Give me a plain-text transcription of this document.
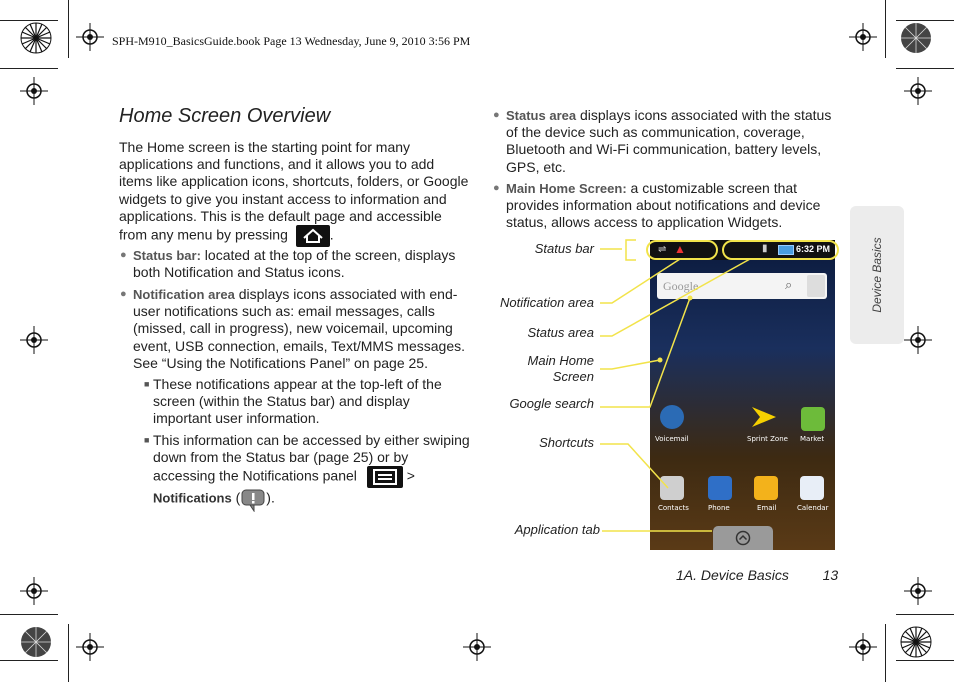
SPH-M910_BasicsGuide.book Page 13 Wednesday, June 9, 2010 3:56 PM
Home Screen Overview
The Home screen is the starting point for many applications and functions, and it allows you to add items like application icons, shortcuts, folders, or Google widgets to give you instant access to information and applications. This is the default page and accessible from any menu by pressing	.
● Status bar: located at the top of the screen, displays both Notification and Status icons.
● Notification area displays icons associated with end-user notifications such as: email messages, calls (missed, call in progress), new voicemail, upcoming event, USB connection, emails, Text/MMS messages. See “Using the Notifications Panel” on page 25.
■ These notifications appear at the top-left of the screen (within the Status bar) and display important user information.
■ This information can be accessed by either swiping down from the Status bar (page 25) or by accessing the Notifications panel	>
Notifications ( ).
● Status area displays icons associated with the status of the device such as communication, coverage, Bluetooth and Wi-Fi communication, battery levels, GPS, etc.
● Main Home Screen: a customizable screen that provides information about notifications and device status, allows access to application Widgets.
Status bar
Notification area
Status area
Main Home
Screen
Google search
Shortcuts
Application tab
⇌ ▲	▮	6:32 PM
Google	⌕
Voicemail	Sprint Zone Market
Contacts	Phone	Email	Calendar
Device Basics
1A. Device Basics 13
